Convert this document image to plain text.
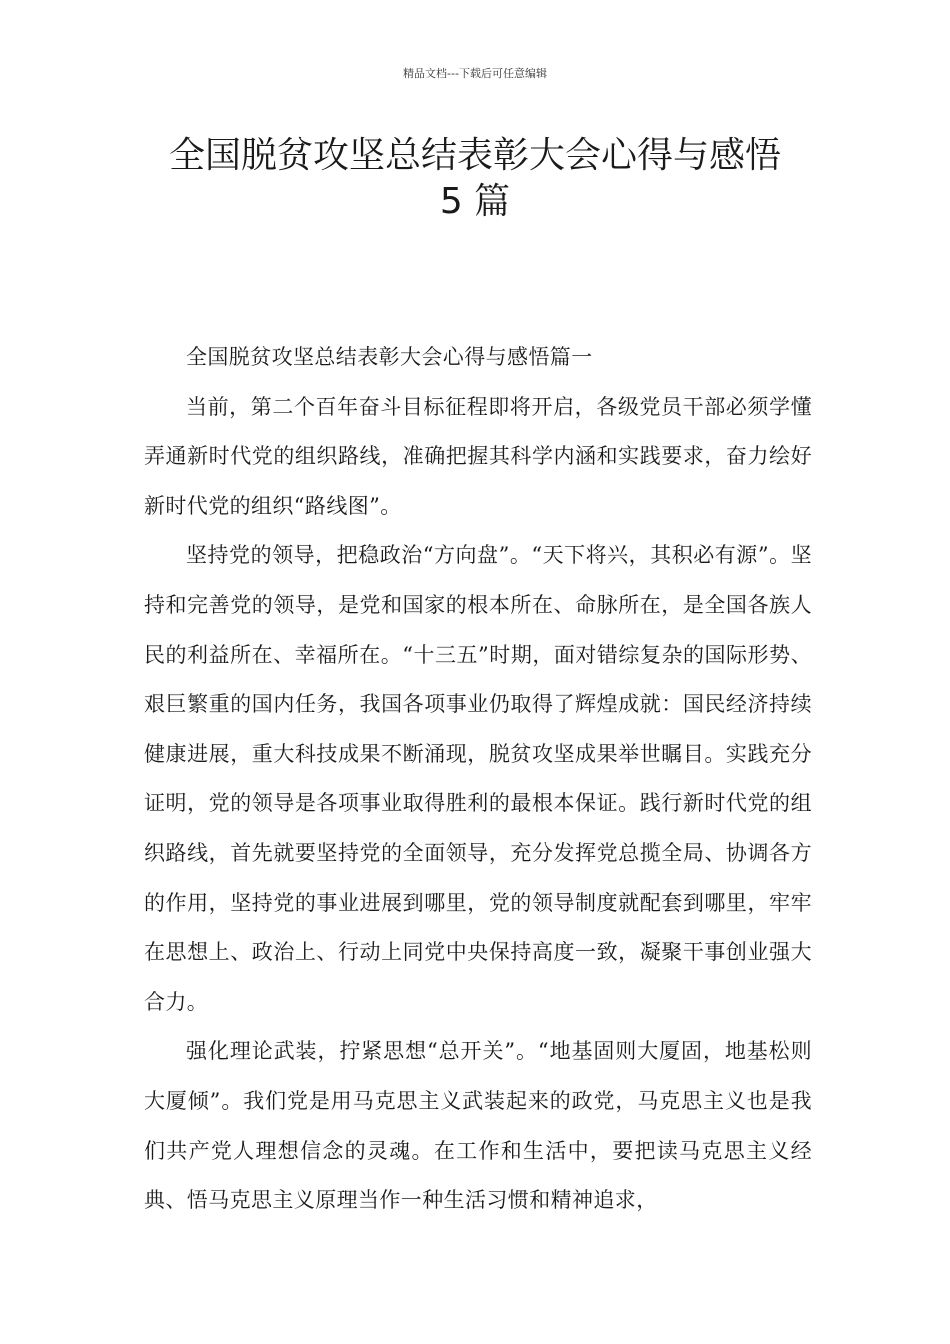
精品文档---下载后可任意编辑
全国脱贫攻坚总结表彰大会心得与感悟
5 篇

全国脱贫攻坚总结表彰大会心得与感悟篇一

当前，第二个百年奋斗目标征程即将开启，各级党员干部必须学懂弄通新时代党的组织路线，准确把握其科学内涵和实践要求，奋力绘好新时代党的组织“路线图”。

坚持党的领导，把稳政治“方向盘”。“天下将兴，其积必有源”。坚持和完善党的领导，是党和国家的根本所在、命脉所在，是全国各族人民的利益所在、幸福所在。“十三五”时期，面对错综复杂的国际形势、艰巨繁重的国内任务，我国各项事业仍取得了辉煌成就：国民经济持续健康进展，重大科技成果不断涌现，脱贫攻坚成果举世瞩目。实践充分证明，党的领导是各项事业取得胜利的最根本保证。践行新时代党的组织路线，首先就要坚持党的全面领导，充分发挥党总揽全局、协调各方的作用，坚持党的事业进展到哪里，党的领导制度就配套到哪里，牢牢在思想上、政治上、行动上同党中央保持高度一致，凝聚干事创业强大合力。

强化理论武装，拧紧思想“总开关”。“地基固则大厦固，地基松则大厦倾”。我们党是用马克思主义武装起来的政党，马克思主义也是我们共产党人理想信念的灵魂。在工作和生活中，要把读马克思主义经典、悟马克思主义原理当作一种生活习惯和精神追求，
